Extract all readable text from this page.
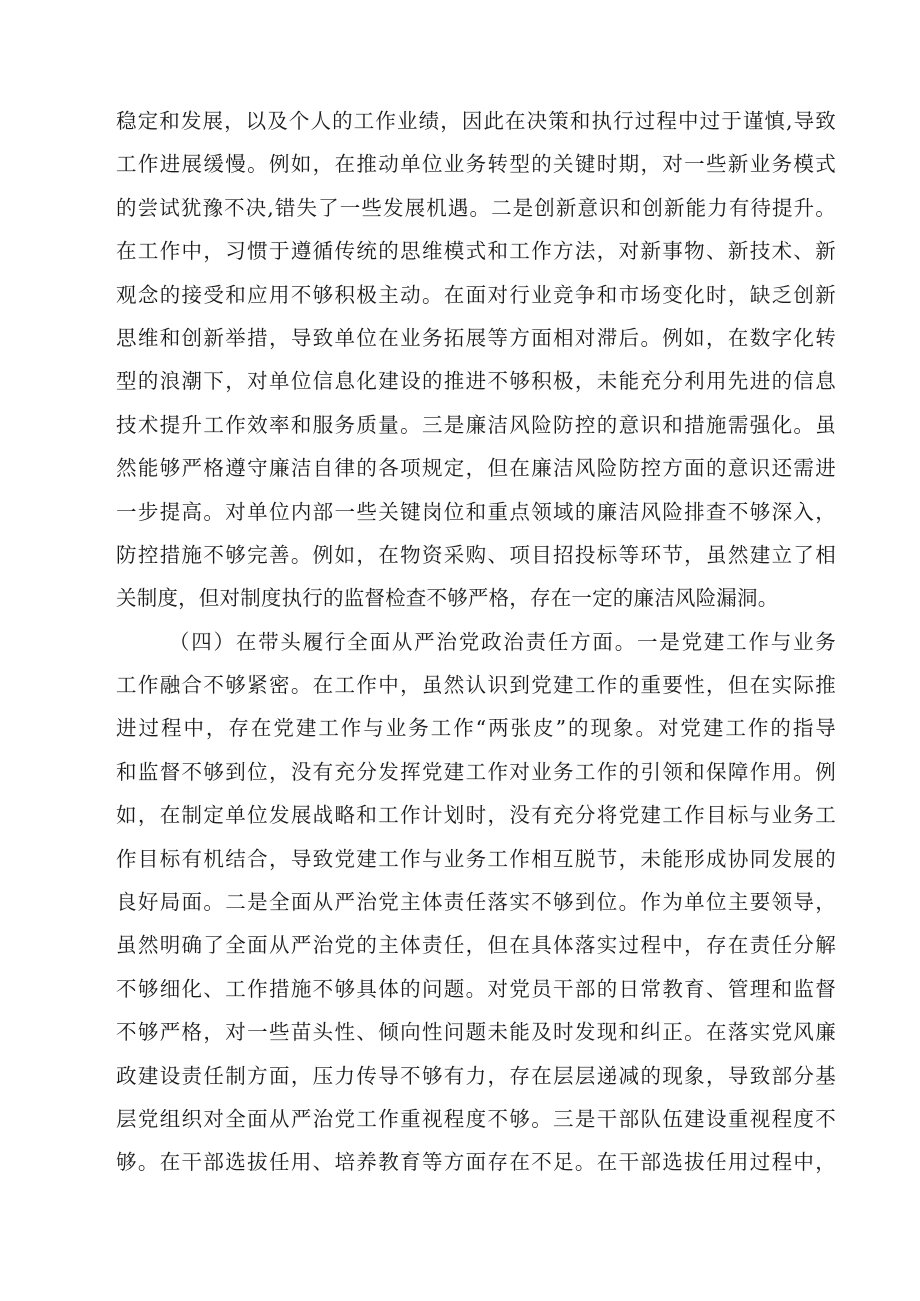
稳定和发展，以及个人的工作业绩，因此在决策和执行过程中过于谨慎,导致
工作进展缓慢。例如，在推动单位业务转型的关键时期，对一些新业务模式
的尝试犹豫不决,错失了一些发展机遇。二是创新意识和创新能力有待提升。
在工作中，习惯于遵循传统的思维模式和工作方法，对新事物、新技术、新
观念的接受和应用不够积极主动。在面对行业竞争和市场变化时，缺乏创新
思维和创新举措，导致单位在业务拓展等方面相对滞后。例如，在数字化转
型的浪潮下，对单位信息化建设的推进不够积极，未能充分利用先进的信息
技术提升工作效率和服务质量。三是廉洁风险防控的意识和措施需强化。虽
然能够严格遵守廉洁自律的各项规定，但在廉洁风险防控方面的意识还需进
一步提高。对单位内部一些关键岗位和重点领域的廉洁风险排查不够深入，
防控措施不够完善。例如，在物资采购、项目招投标等环节，虽然建立了相
关制度，但对制度执行的监督检查不够严格，存在一定的廉洁风险漏洞。
（四）在带头履行全面从严治党政治责任方面。一是党建工作与业务
工作融合不够紧密。在工作中，虽然认识到党建工作的重要性，但在实际推
进过程中，存在党建工作与业务工作“两张皮”的现象。对党建工作的指导
和监督不够到位，没有充分发挥党建工作对业务工作的引领和保障作用。例
如，在制定单位发展战略和工作计划时，没有充分将党建工作目标与业务工
作目标有机结合，导致党建工作与业务工作相互脱节，未能形成协同发展的
良好局面。二是全面从严治党主体责任落实不够到位。作为单位主要领导，
虽然明确了全面从严治党的主体责任，但在具体落实过程中，存在责任分解
不够细化、工作措施不够具体的问题。对党员干部的日常教育、管理和监督
不够严格，对一些苗头性、倾向性问题未能及时发现和纠正。在落实党风廉
政建设责任制方面，压力传导不够有力，存在层层递减的现象，导致部分基
层党组织对全面从严治党工作重视程度不够。三是干部队伍建设重视程度不
够。在干部选拔任用、培养教育等方面存在不足。在干部选拔任用过程中，
